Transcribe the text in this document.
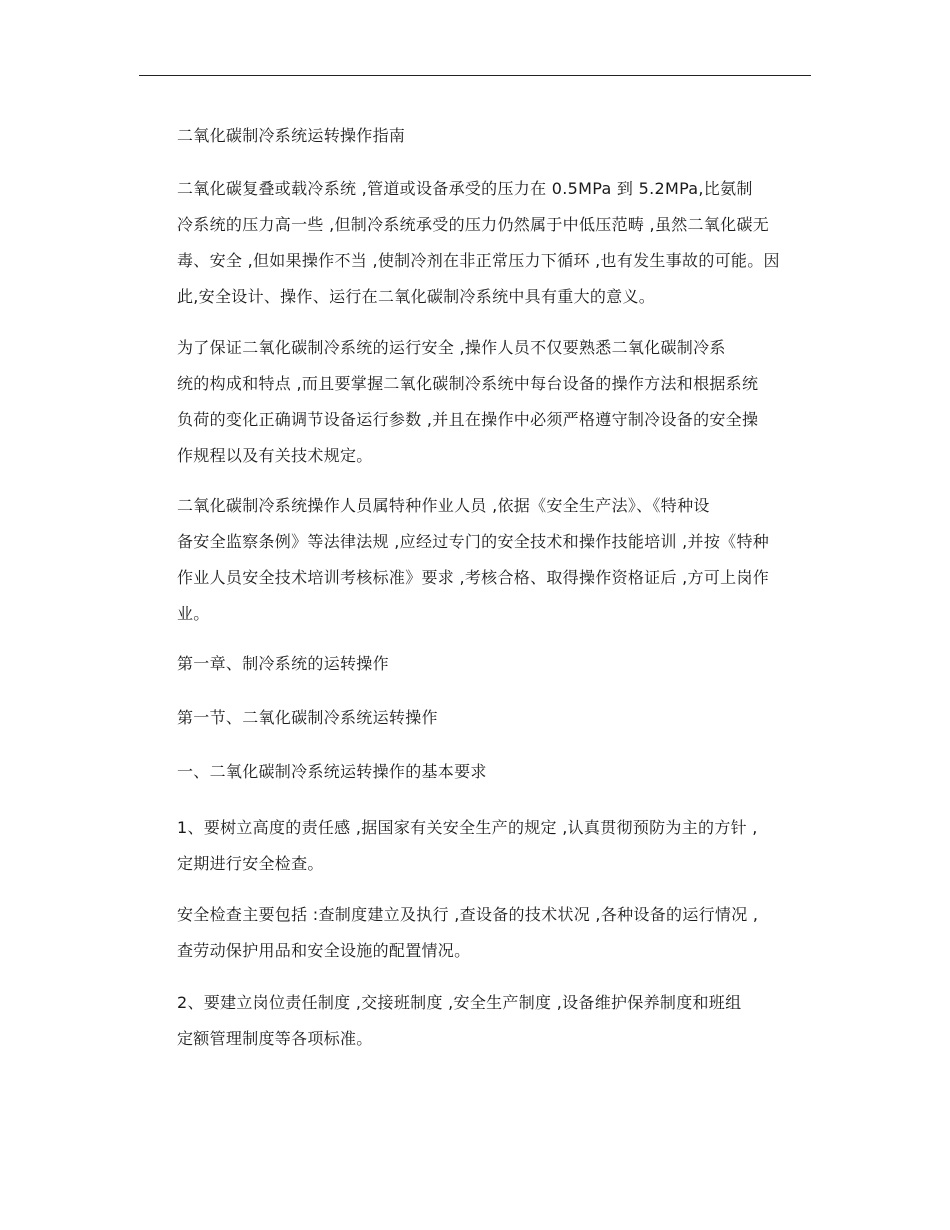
二氧化碳制冷系统运转操作指南

二氧化碳复叠或载冷系统 ,管道或设备承受的压力在 0.5MPa 到 5.2MPa,比氨制
冷系统的压力高一些 ,但制冷系统承受的压力仍然属于中低压范畴 ,虽然二氧化碳无
毒、安全 ,但如果操作不当 ,使制冷剂在非正常压力下循环 ,也有发生事故的可能。因
此,安全设计、操作、运行在二氧化碳制冷系统中具有重大的意义。

为了保证二氧化碳制冷系统的运行安全 ,操作人员不仅要熟悉二氧化碳制冷系
统的构成和特点 ,而且要掌握二氧化碳制冷系统中每台设备的操作方法和根据系统
负荷的变化正确调节设备运行参数 ,并且在操作中必须严格遵守制冷设备的安全操
作规程以及有关技术规定。

二氧化碳制冷系统操作人员属特种作业人员 ,依据《安全生产法》、《特种设
备安全监察条例》等法律法规 ,应经过专门的安全技术和操作技能培训 ,并按《特种
作业人员安全技术培训考核标准》要求 ,考核合格、取得操作资格证后 ,方可上岗作
业。

第一章、制冷系统的运转操作

第一节、二氧化碳制冷系统运转操作

一、二氧化碳制冷系统运转操作的基本要求

1、要树立高度的责任感 ,据国家有关安全生产的规定 ,认真贯彻预防为主的方针 ,
定期进行安全检查。

安全检查主要包括 :查制度建立及执行 ,查设备的技术状况 ,各种设备的运行情况 ,
查劳动保护用品和安全设施的配置情况。

2、要建立岗位责任制度 ,交接班制度 ,安全生产制度 ,设备维护保养制度和班组
定额管理制度等各项标准。
